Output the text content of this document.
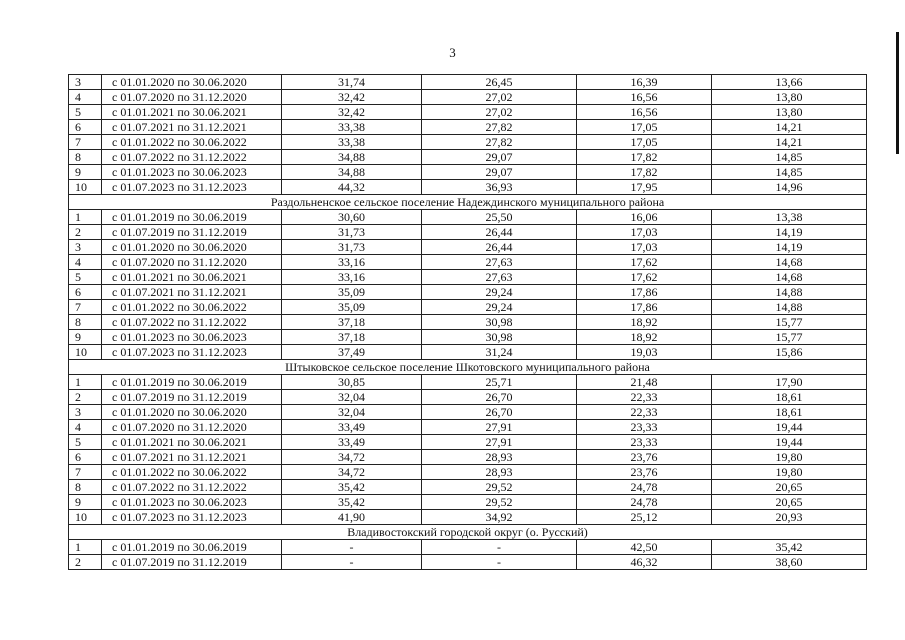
3
3	с 01.01.2020 по 30.06.2020	31,74	26,45	16,39	13,66
4	с 01.07.2020 по 31.12.2020	32,42	27,02	16,56	13,80
5	с 01.01.2021 по 30.06.2021	32,42	27,02	16,56	13,80
6	с 01.07.2021 по 31.12.2021	33,38	27,82	17,05	14,21
7	с 01.01.2022 по 30.06.2022	33,38	27,82	17,05	14,21
8	с 01.07.2022 по 31.12.2022	34,88	29,07	17,82	14,85
9	с 01.01.2023 по 30.06.2023	34,88	29,07	17,82	14,85
10	с 01.07.2023 по 31.12.2023	44,32	36,93	17,95	14,96
Раздольненское сельское поселение Надеждинского муниципального района					
1	с 01.01.2019 по 30.06.2019	30,60	25,50	16,06	13,38
2	с 01.07.2019 по 31.12.2019	31,73	26,44	17,03	14,19
3	с 01.01.2020 по 30.06.2020	31,73	26,44	17,03	14,19
4	с 01.07.2020 по 31.12.2020	33,16	27,63	17,62	14,68
5	с 01.01.2021 по 30.06.2021	33,16	27,63	17,62	14,68
6	с 01.07.2021 по 31.12.2021	35,09	29,24	17,86	14,88
7	с 01.01.2022 по 30.06.2022	35,09	29,24	17,86	14,88
8	с 01.07.2022 по 31.12.2022	37,18	30,98	18,92	15,77
9	с 01.01.2023 по 30.06.2023	37,18	30,98	18,92	15,77
10	с 01.07.2023 по 31.12.2023	37,49	31,24	19,03	15,86
Штыковское сельское поселение Шкотовского муниципального района					
1	с 01.01.2019 по 30.06.2019	30,85	25,71	21,48	17,90
2	с 01.07.2019 по 31.12.2019	32,04	26,70	22,33	18,61
3	с 01.01.2020 по 30.06.2020	32,04	26,70	22,33	18,61
4	с 01.07.2020 по 31.12.2020	33,49	27,91	23,33	19,44
5	с 01.01.2021 по 30.06.2021	33,49	27,91	23,33	19,44
6	с 01.07.2021 по 31.12.2021	34,72	28,93	23,76	19,80
7	с 01.01.2022 по 30.06.2022	34,72	28,93	23,76	19,80
8	с 01.07.2022 по 31.12.2022	35,42	29,52	24,78	20,65
9	с 01.01.2023 по 30.06.2023	35,42	29,52	24,78	20,65
10	с 01.07.2023 по 31.12.2023	41,90	34,92	25,12	20,93
Владивостокский городской округ (о. Русский)					
1	с 01.01.2019 по 30.06.2019	-	-	42,50	35,42
2	с 01.07.2019 по 31.12.2019	-	-	46,32	38,60
